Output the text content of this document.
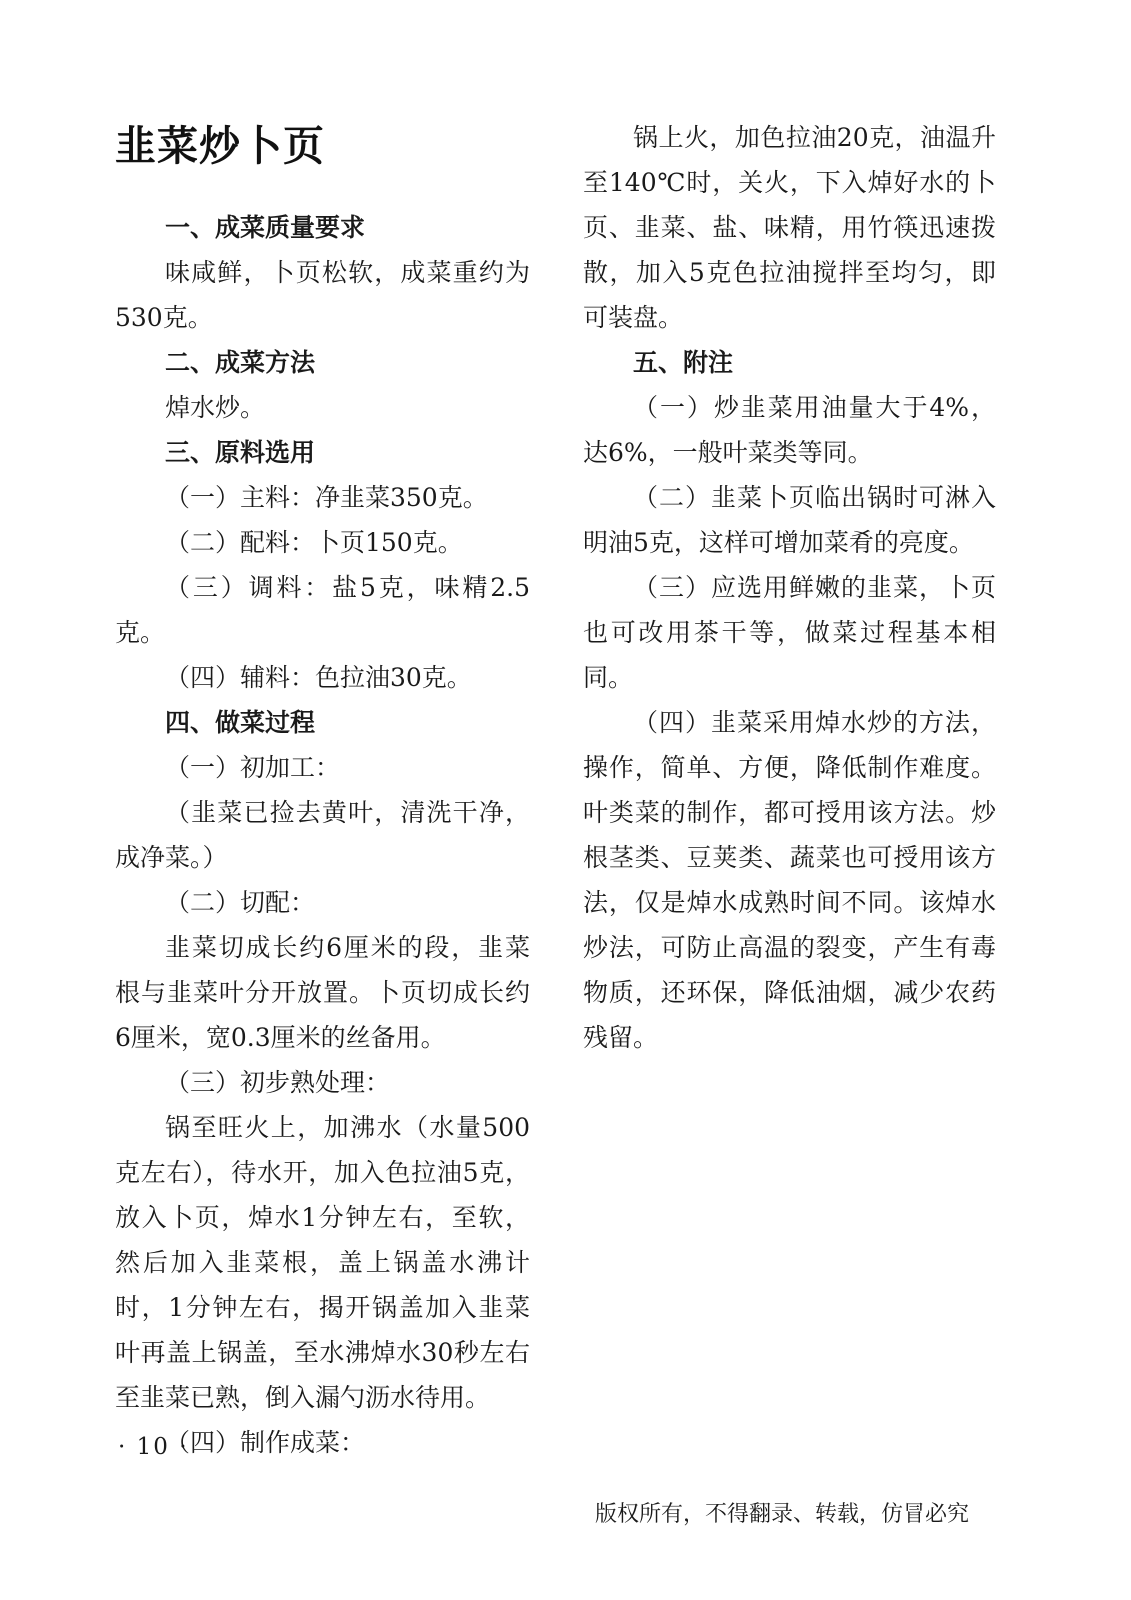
韭菜炒卜页

一、成菜质量要求

味咸鲜，卜页松软，成菜重约为530克。

二、成菜方法

焯水炒。

三、原料选用

（一）主料：净韭菜350克。

（二）配料：卜页150克。

（三）调料：盐5克，味精2.5克。

（四）辅料：色拉油30克。

四、做菜过程

（一）初加工：

（韭菜已捡去黄叶，清洗干净，成净菜。）

（二）切配：

韭菜切成长约6厘米的段，韭菜根与韭菜叶分开放置。卜页切成长约6厘米，宽0.3厘米的丝备用。

（三）初步熟处理：

锅至旺火上，加沸水（水量500克左右），待水开，加入色拉油5克，放入卜页，焯水1分钟左右，至软，然后加入韭菜根，盖上锅盖水沸计时，1分钟左右，揭开锅盖加入韭菜叶再盖上锅盖，至水沸焯水30秒左右至韭菜已熟，倒入漏勺沥水待用。

（四）制作成菜：

锅上火，加色拉油20克，油温升至140℃时，关火，下入焯好水的卜页、韭菜、盐、味精，用竹筷迅速拨散，加入5克色拉油搅拌至均匀，即可装盘。

五、附注

（一）炒韭菜用油量大于4%，达6%，一般叶菜类等同。

（二）韭菜卜页临出锅时可淋入明油5克，这样可增加菜肴的亮度。

（三）应选用鲜嫩的韭菜，卜页也可改用茶干等，做菜过程基本相同。

（四）韭菜采用焯水炒的方法，操作，简单、方便，降低制作难度。叶类菜的制作，都可授用该方法。炒根茎类、豆荚类、蔬菜也可授用该方法，仅是焯水成熟时间不同。该焯水炒法，可防止高温的裂变，产生有毒物质，还环保，降低油烟，减少农药残留。

· 10 ·
版权所有，不得翻录、转载，仿冒必究
